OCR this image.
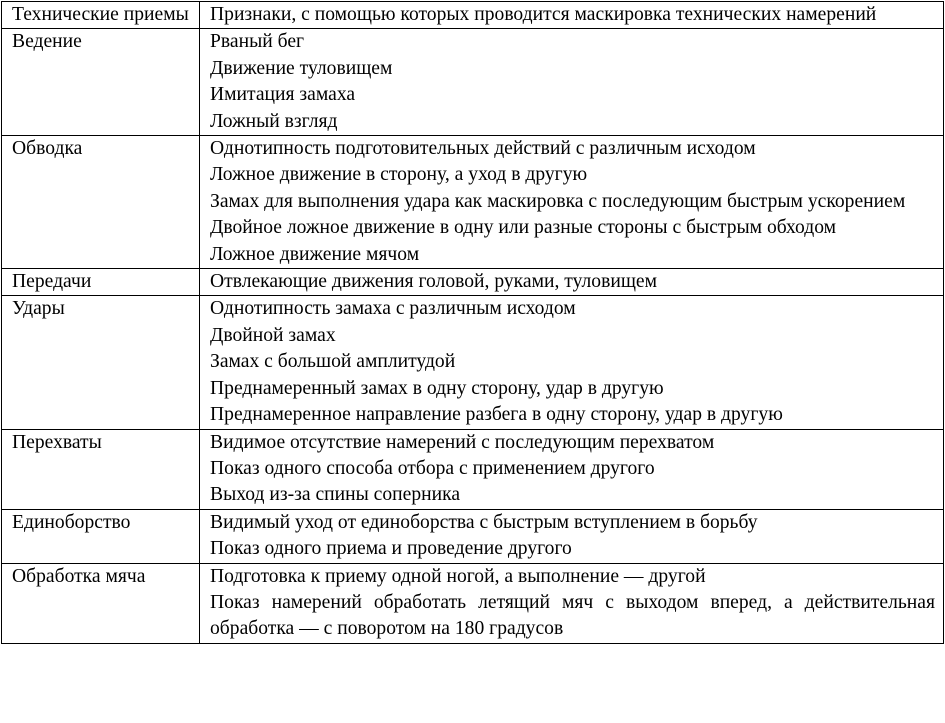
Технические приемы	Признаки, с помощью которых проводится маскировка технических намерений

Ведение	Рваный бег
Движение туловищем
Имитация замаха
Ложный взгляд

Обводка	Однотипность подготовительных действий с различным исходом
Ложное движение в сторону, а уход в другую
Замах для выполнения удара как маскировка с последующим быстрым ускорением
Двойное ложное движение в одну или разные стороны с быстрым обходом
Ложное движение мячом

Передачи	Отвлекающие движения головой, руками, туловищем

Удары	Однотипность замаха с различным исходом
Двойной замах
Замах с большой амплитудой
Преднамеренный замах в одну сторону, удар в другую
Преднамеренное направление разбега в одну сторону, удар в другую

Перехваты	Видимое отсутствие намерений с последующим перехватом
Показ одного способа отбора с применением другого
Выход из-за спины соперника

Единоборство	Видимый уход от единоборства с быстрым вступлением в борьбу
Показ одного приема и проведение другого

Обработка мяча	Подготовка к приему одной ногой, а выполнение — другой
Показ намерений обработать летящий мяч с выходом вперед, а действительная обработка — с поворотом на 180 градусов
